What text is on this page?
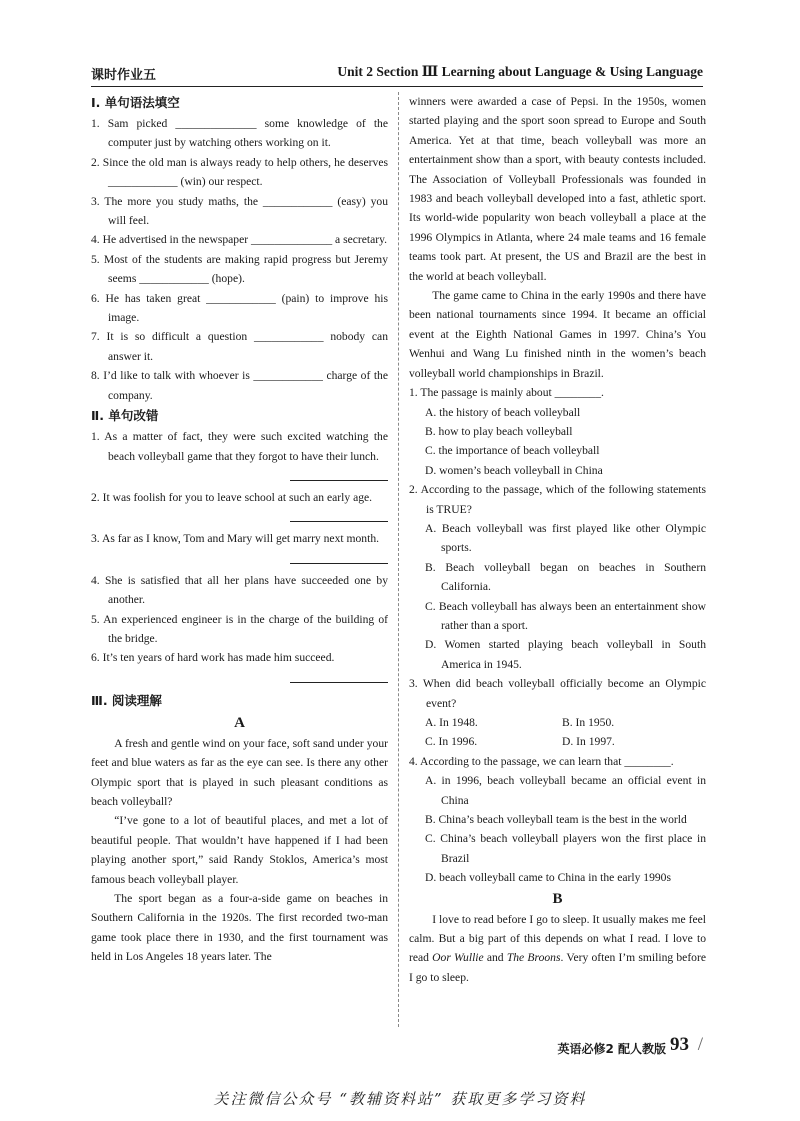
课时作业五	Unit 2 Section Ⅲ Learning about Language & Using Language

Ⅰ. 单句语法填空

1. Sam picked ______________ some knowledge of the computer just by watching others working on it.

2. Since the old man is always ready to help others, he deserves ____________ (win) our respect.

3. The more you study maths, the ____________ (easy) you will feel.

4. He advertised in the newspaper ______________ a secretary.

5. Most of the students are making rapid progress but Jeremy seems ____________ (hope).

6. He has taken great ____________ (pain) to improve his image.

7. It is so difficult a question ____________ nobody can answer it.

8. I’d like to talk with whoever is ____________ charge of the company.

Ⅱ. 单句改错

1. As a matter of fact, they were such excited watching the beach volleyball game that they forgot to have their lunch.

2. It was foolish for you to leave school at such an early age.

3. As far as I know, Tom and Mary will get marry next month.

4. She is satisfied that all her plans have succeeded one by another.

5. An experienced engineer is in the charge of the building of the bridge.

6. It’s ten years of hard work has made him succeed.

Ⅲ. 阅读理解

A

A fresh and gentle wind on your face, soft sand under your feet and blue waters as far as the eye can see. Is there any other Olympic sport that is played in such pleasant conditions as beach volleyball?

“I’ve gone to a lot of beautiful places, and met a lot of beautiful people. That wouldn’t have happened if I had been playing another sport,” said Randy Stoklos, America’s most famous beach volleyball player.

The sport began as a four-a-side game on beaches in Southern California in the 1920s. The first recorded two-man game took place there in 1930, and the first tournament was held in Los Angeles 18 years later. The

winners were awarded a case of Pepsi. In the 1950s, women started playing and the sport soon spread to Europe and South America. Yet at that time, beach volleyball was more an entertainment show than a sport, with beauty contests included. The Association of Volleyball Professionals was founded in 1983 and beach volleyball developed into a fast, athletic sport. Its world-wide popularity won beach volleyball a place at the 1996 Olympics in Atlanta, where 24 male teams and 16 female teams took part. At present, the US and Brazil are the best in the world at beach volleyball.

The game came to China in the early 1990s and there have been national tournaments since 1994. It became an official event at the Eighth National Games in 1997. China’s You Wenhui and Wang Lu finished ninth in the women’s beach volleyball world championships in Brazil.

1. The passage is mainly about ________.

A. the history of beach volleyball

B. how to play beach volleyball

C. the importance of beach volleyball

D. women’s beach volleyball in China

2. According to the passage, which of the following statements is TRUE?

A. Beach volleyball was first played like other Olympic sports.

B. Beach volleyball began on beaches in Southern California.

C. Beach volleyball has always been an entertainment show rather than a sport.

D. Women started playing beach volleyball in South America in 1945.

3. When did beach volleyball officially become an Olympic event?

A. In 1948.	B. In 1950.
C. In 1996.	D. In 1997.

4. According to the passage, we can learn that ________.

A. in 1996, beach volleyball became an official event in China

B. China’s beach volleyball team is the best in the world

C. China’s beach volleyball players won the first place in Brazil

D. beach volleyball came to China in the early 1990s

B

I love to read before I go to sleep. It usually makes me feel calm. But a big part of this depends on what I read. I love to read Oor Wullie and The Broons. Very often I’m smiling before I go to sleep.

英语必修2 配人教版 93 /
关注微信公众号 “教辅资料站” 获取更多学习资料
